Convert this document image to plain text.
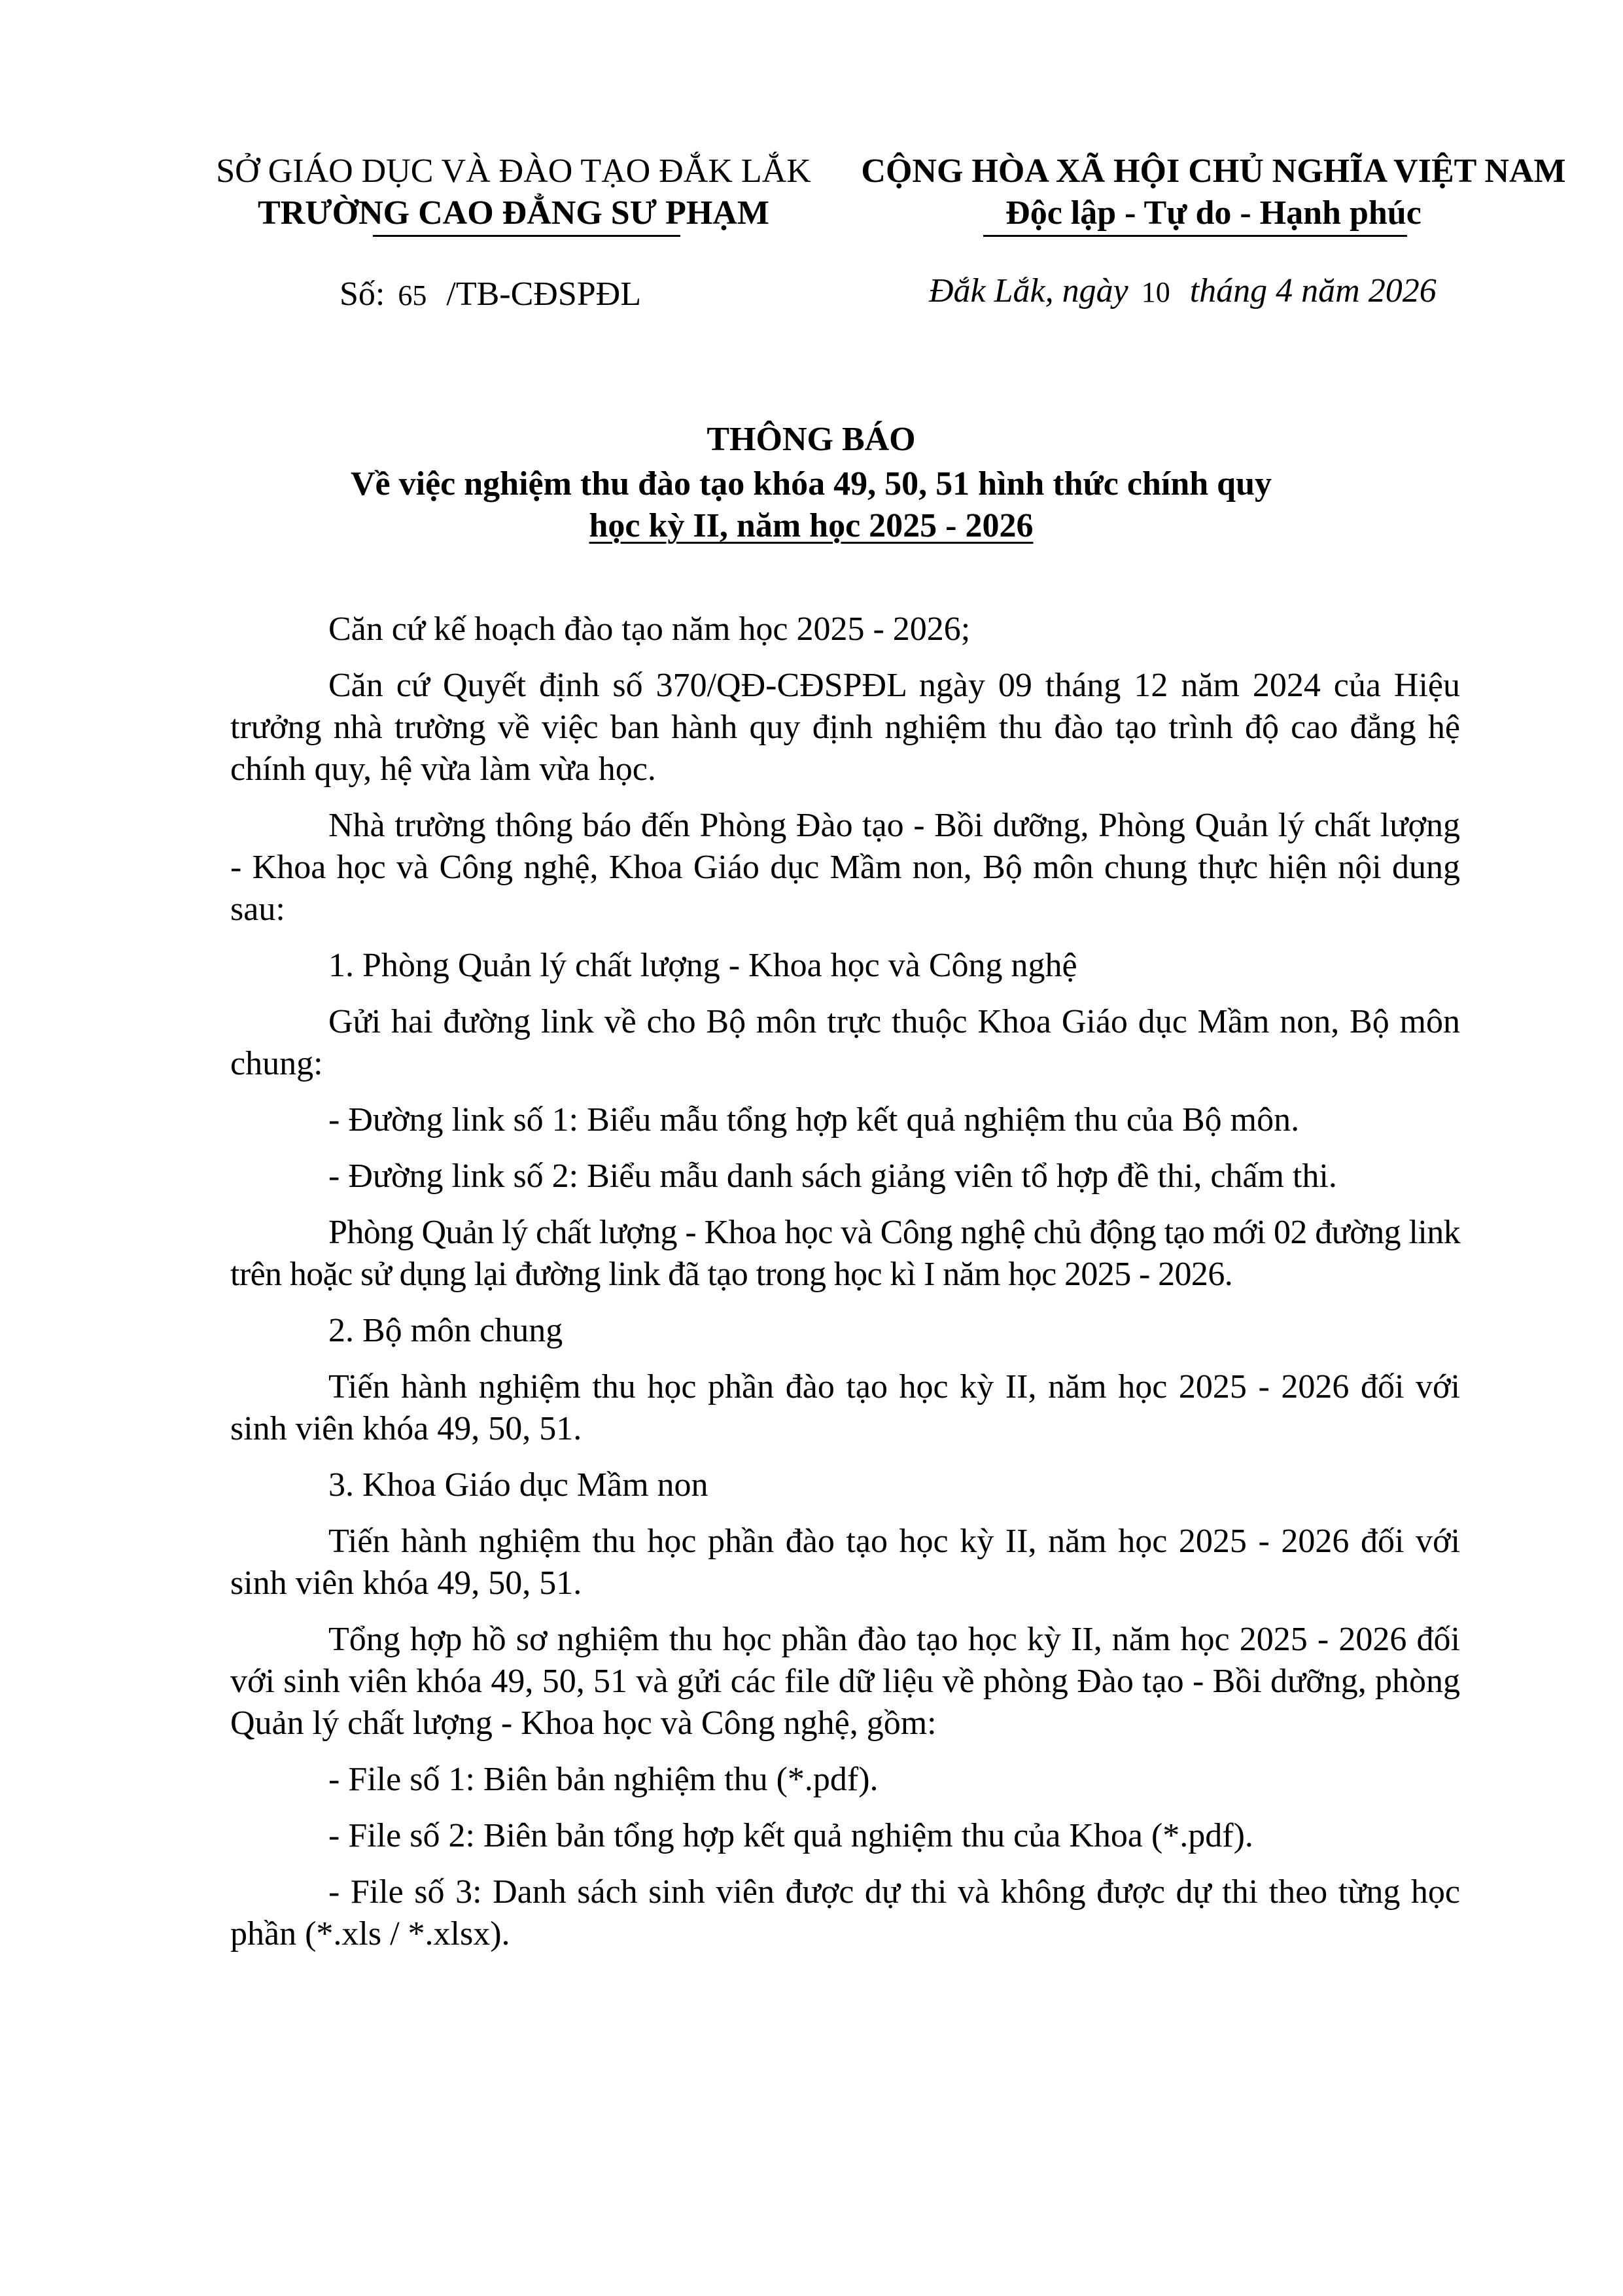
SỞ GIÁO DỤC VÀ ĐÀO TẠO ĐẮK LẮK
TRƯỜNG CAO ĐẲNG SƯ PHẠM
CỘNG HÒA XÃ HỘI CHỦ NGHĨA VIỆT NAM
Độc lập - Tự do - Hạnh phúc
Số: 65 /TB-CĐSPĐL	Đắk Lắk, ngày 10 tháng 4 năm 2026
THÔNG BÁO
Về việc nghiệm thu đào tạo khóa 49, 50, 51 hình thức chính quy
học kỳ II, năm học 2025 - 2026

Căn cứ kế hoạch đào tạo năm học 2025 - 2026;

Căn cứ Quyết định số 370/QĐ-CĐSPĐL ngày 09 tháng 12 năm 2024 của Hiệu trưởng nhà trường về việc ban hành quy định nghiệm thu đào tạo trình độ cao đẳng hệ chính quy, hệ vừa làm vừa học.

Nhà trường thông báo đến Phòng Đào tạo - Bồi dưỡng, Phòng Quản lý chất lượng - Khoa học và Công nghệ, Khoa Giáo dục Mầm non, Bộ môn chung thực hiện nội dung sau:

1. Phòng Quản lý chất lượng - Khoa học và Công nghệ

Gửi hai đường link về cho Bộ môn trực thuộc Khoa Giáo dục Mầm non, Bộ môn chung:

- Đường link số 1: Biểu mẫu tổng hợp kết quả nghiệm thu của Bộ môn.

- Đường link số 2: Biểu mẫu danh sách giảng viên tổ hợp đề thi, chấm thi.

Phòng Quản lý chất lượng - Khoa học và Công nghệ chủ động tạo mới 02 đường link trên hoặc sử dụng lại đường link đã tạo trong học kì I năm học 2025 - 2026.

2. Bộ môn chung

Tiến hành nghiệm thu học phần đào tạo học kỳ II, năm học 2025 - 2026 đối với sinh viên khóa 49, 50, 51.

3. Khoa Giáo dục Mầm non

Tiến hành nghiệm thu học phần đào tạo học kỳ II, năm học 2025 - 2026 đối với sinh viên khóa 49, 50, 51.

Tổng hợp hồ sơ nghiệm thu học phần đào tạo học kỳ II, năm học 2025 - 2026 đối với sinh viên khóa 49, 50, 51 và gửi các file dữ liệu về phòng Đào tạo - Bồi dưỡng, phòng Quản lý chất lượng - Khoa học và Công nghệ, gồm:

- File số 1: Biên bản nghiệm thu (*.pdf).

- File số 2: Biên bản tổng hợp kết quả nghiệm thu của Khoa (*.pdf).

- File số 3: Danh sách sinh viên được dự thi và không được dự thi theo từng học phần (*.xls / *.xlsx).
